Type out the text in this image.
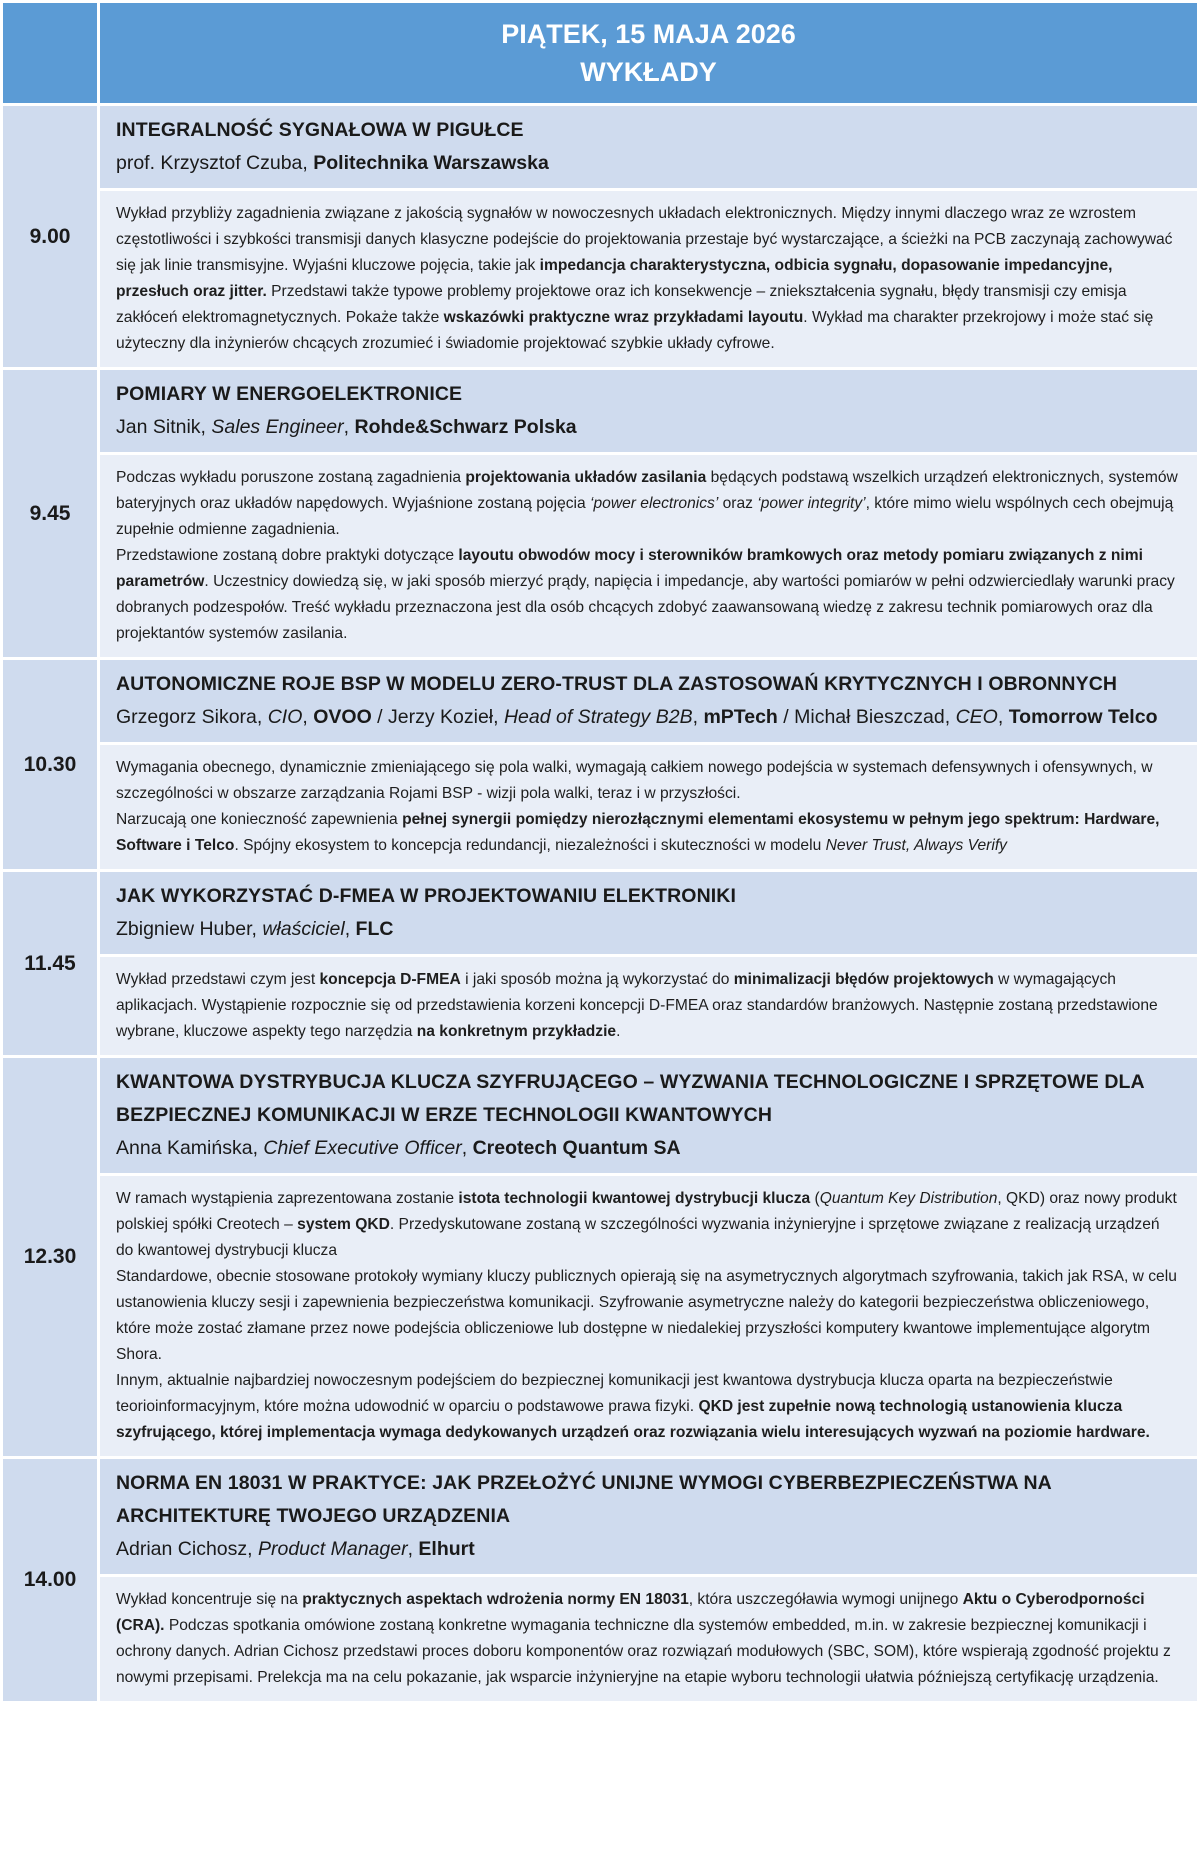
	PIĄTEK, 15 MAJA 2026
WYKŁADY

9.00	INTEGRALNOŚĆ SYGNAŁOWA W PIGUŁCE
prof. Krzysztof Czuba, Politechnika Warszawska

	Wykład przybliży zagadnienia związane z jakością sygnałów w nowoczesnych układach elektronicznych. Między innymi dlaczego wraz ze wzrostem częstotliwości i szybkości transmisji danych klasyczne podejście do projektowania przestaje być wystarczające, a ścieżki na PCB zaczynają zachowywać się jak linie transmisyjne. Wyjaśni kluczowe pojęcia, takie jak impedancja charakterystyczna, odbicia sygnału, dopasowanie impedancyjne, przesłuch oraz jitter. Przedstawi także typowe problemy projektowe oraz ich konsekwencje – zniekształcenia sygnału, błędy transmisji czy emisja zakłóceń elektromagnetycznych. Pokaże także wskazówki praktyczne wraz przykładami layoutu. Wykład ma charakter przekrojowy i może stać się użyteczny dla inżynierów chcących zrozumieć i świadomie projektować szybkie układy cyfrowe.

9.45	POMIARY W ENERGOELEKTRONICE
Jan Sitnik, Sales Engineer, Rohde&Schwarz Polska

	Podczas wykładu poruszone zostaną zagadnienia projektowania układów zasilania będących podstawą wszelkich urządzeń elektronicznych, systemów bateryjnych oraz układów napędowych. Wyjaśnione zostaną pojęcia ‘power electronics’ oraz ‘power integrity’, które mimo wielu wspólnych cech obejmują zupełnie odmienne zagadnienia.
Przedstawione zostaną dobre praktyki dotyczące layoutu obwodów mocy i sterowników bramkowych oraz metody pomiaru związanych z nimi parametrów. Uczestnicy dowiedzą się, w jaki sposób mierzyć prądy, napięcia i impedancje, aby wartości pomiarów w pełni odzwierciedlały warunki pracy dobranych podzespołów. Treść wykładu przeznaczona jest dla osób chcących zdobyć zaawansowaną wiedzę z zakresu technik pomiarowych oraz dla projektantów systemów zasilania.

10.30	AUTONOMICZNE ROJE BSP W MODELU ZERO-TRUST DLA ZASTOSOWAŃ KRYTYCZNYCH I OBRONNYCH
Grzegorz Sikora, CIO, OVOO / Jerzy Kozieł, Head of Strategy B2B, mPTech / Michał Bieszczad, CEO, Tomorrow Telco

	Wymagania obecnego, dynamicznie zmieniającego się pola walki, wymagają całkiem nowego podejścia w systemach defensywnych i ofensywnych, w szczególności w obszarze zarządzania Rojami BSP - wizji pola walki, teraz i w przyszłości.
Narzucają one konieczność zapewnienia pełnej synergii pomiędzy nierozłącznymi elementami ekosystemu w pełnym jego spektrum: Hardware, Software i Telco. Spójny ekosystem to koncepcja redundancji, niezależności i skuteczności w modelu Never Trust, Always Verify

11.45	JAK WYKORZYSTAĆ D-FMEA W PROJEKTOWANIU ELEKTRONIKI
Zbigniew Huber, właściciel, FLC

	Wykład przedstawi czym jest koncepcja D-FMEA i jaki sposób można ją wykorzystać do minimalizacji błędów projektowych w wymagających aplikacjach. Wystąpienie rozpocznie się od przedstawienia korzeni koncepcji D-FMEA oraz standardów branżowych. Następnie zostaną przedstawione wybrane, kluczowe aspekty tego narzędzia na konkretnym przykładzie.

12.30	KWANTOWA DYSTRYBUCJA KLUCZA SZYFRUJĄCEGO – WYZWANIA TECHNOLOGICZNE I SPRZĘTOWE DLA BEZPIECZNEJ KOMUNIKACJI W ERZE TECHNOLOGII KWANTOWYCH
Anna Kamińska, Chief Executive Officer, Creotech Quantum SA

	W ramach wystąpienia zaprezentowana zostanie istota technologii kwantowej dystrybucji klucza (Quantum Key Distribution, QKD) oraz nowy produkt polskiej spółki Creotech – system QKD. Przedyskutowane zostaną w szczególności wyzwania inżynieryjne i sprzętowe związane z realizacją urządzeń do kwantowej dystrybucji klucza
Standardowe, obecnie stosowane protokoły wymiany kluczy publicznych opierają się na asymetrycznych algorytmach szyfrowania, takich jak RSA, w celu ustanowienia kluczy sesji i zapewnienia bezpieczeństwa komunikacji. Szyfrowanie asymetryczne należy do kategorii bezpieczeństwa obliczeniowego, które może zostać złamane przez nowe podejścia obliczeniowe lub dostępne w niedalekiej przyszłości komputery kwantowe implementujące algorytm Shora.
Innym, aktualnie najbardziej nowoczesnym podejściem do bezpiecznej komunikacji jest kwantowa dystrybucja klucza oparta na bezpieczeństwie teorioinformacyjnym, które można udowodnić w oparciu o podstawowe prawa fizyki. QKD jest zupełnie nową technologią ustanowienia klucza szyfrującego, której implementacja wymaga dedykowanych urządzeń oraz rozwiązania wielu interesujących wyzwań na poziomie hardware.

14.00	NORMA EN 18031 W PRAKTYCE: JAK PRZEŁOŻYĆ UNIJNE WYMOGI CYBERBEZPIECZEŃSTWA NA ARCHITEKTURĘ TWOJEGO URZĄDZENIA
Adrian Cichosz, Product Manager, Elhurt

	Wykład koncentruje się na praktycznych aspektach wdrożenia normy EN 18031, która uszczegóławia wymogi unijnego Aktu o Cyberodporności (CRA). Podczas spotkania omówione zostaną konkretne wymagania techniczne dla systemów embedded, m.in. w zakresie bezpiecznej komunikacji i ochrony danych. Adrian Cichosz przedstawi proces doboru komponentów oraz rozwiązań modułowych (SBC, SOM), które wspierają zgodność projektu z nowymi przepisami. Prelekcja ma na celu pokazanie, jak wsparcie inżynieryjne na etapie wyboru technologii ułatwia późniejszą certyfikację urządzenia.
